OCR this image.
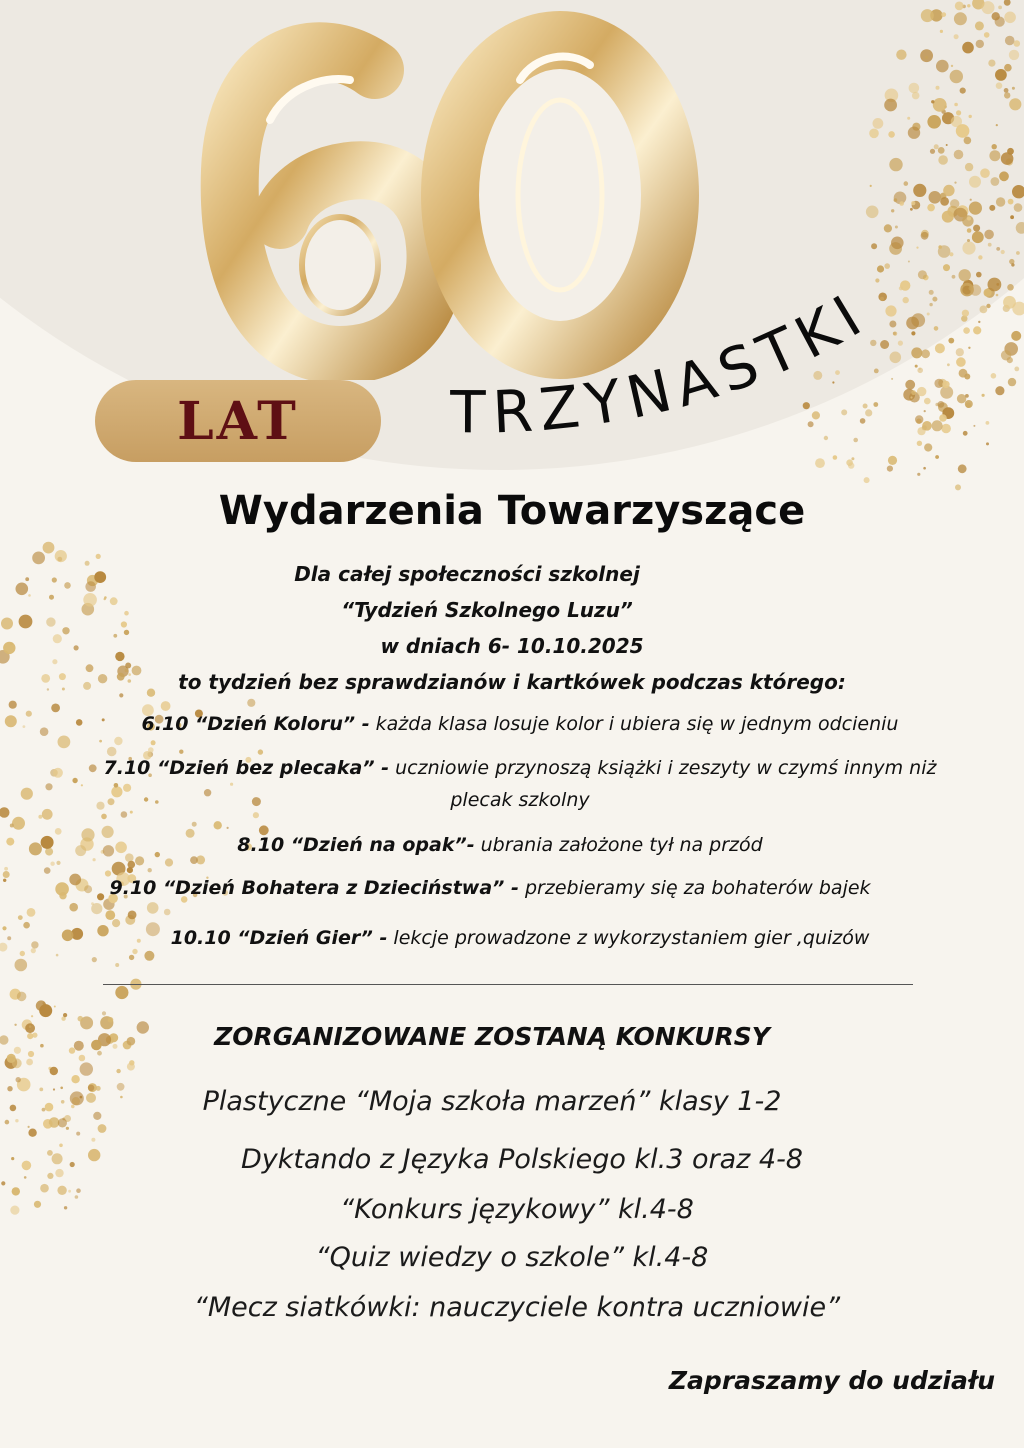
LAT	TRZYNASTKI
Wydarzenia Towarzyszące
Dla całej społeczności szkolnej
“Tydzień Szkolnego Luzu”
w dniach 6- 10.10.2025
to tydzień bez sprawdzianów i kartkówek podczas którego:
6.10 “Dzień Koloru” - każda klasa losuje kolor i ubiera się w jednym odcieniu
7.10 “Dzień bez plecaka” - uczniowie przynoszą książki i zeszyty w czymś innym niż
plecak szkolny
8.10 “Dzień na opak”- ubrania założone tył na przód
9.10 “Dzień Bohatera z Dzieciństwa” - przebieramy się za bohaterów bajek
10.10 “Dzień Gier” - lekcje prowadzone z wykorzystaniem gier ,quizów
ZORGANIZOWANE ZOSTANĄ KONKURSY
Plastyczne “Moja szkoła marzeń” klasy 1-2
Dyktando z Języka Polskiego kl.3 oraz 4-8
“Konkurs językowy” kl.4-8
“Quiz wiedzy o szkole” kl.4-8
“Mecz siatkówki: nauczyciele kontra uczniowie”
Zapraszamy do udziału
